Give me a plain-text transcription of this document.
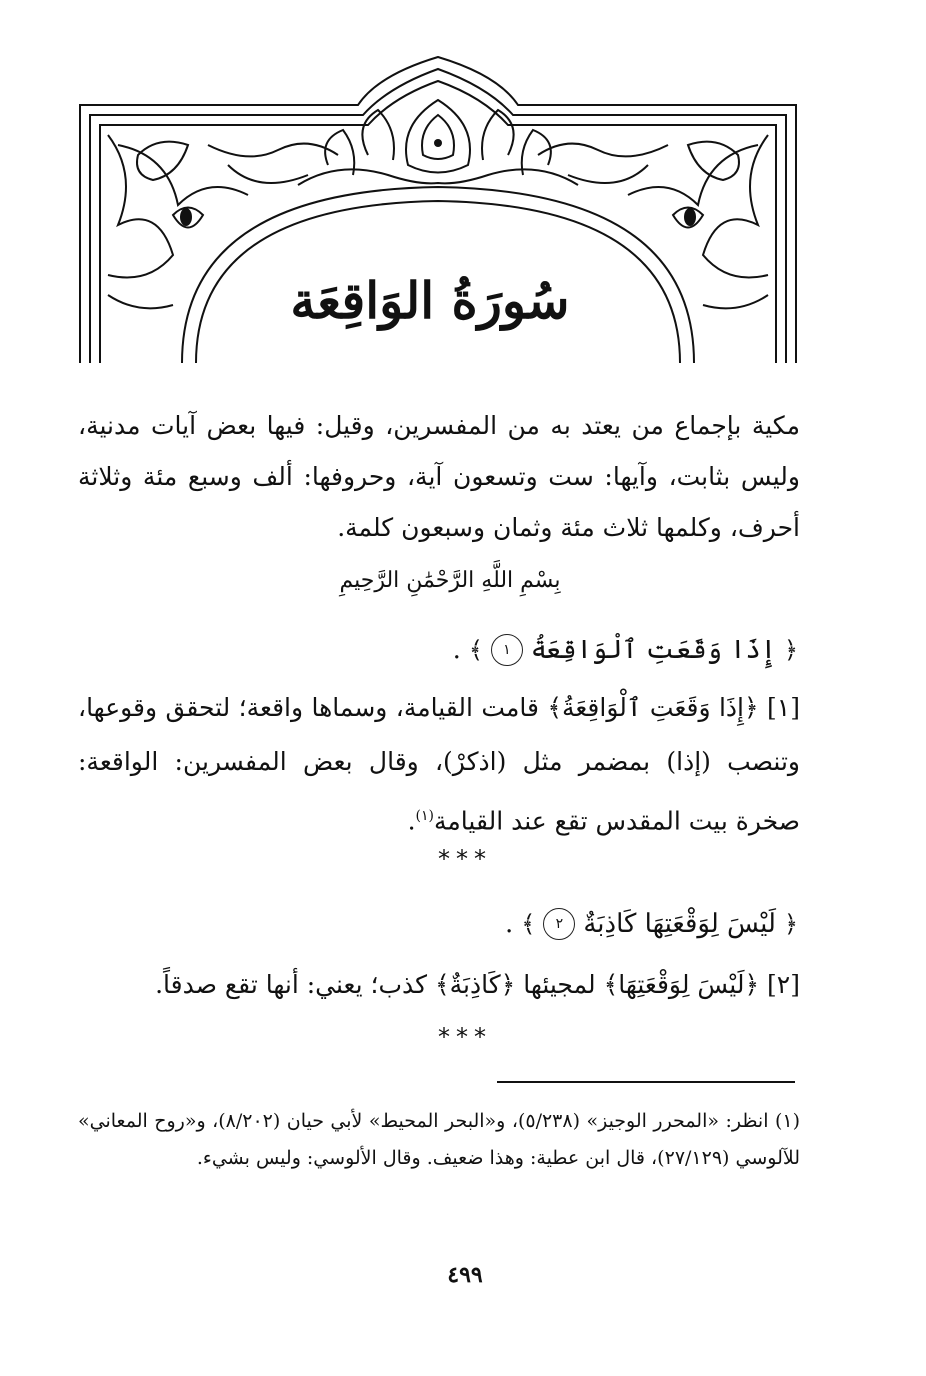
سُورَةُ الوَاقِعَة
مكية بإجماع من يعتد به من المفسرين، وقيل: فيها بعض آيات مدنية، وليس بثابت، وآيها: ست وتسعون آية، وحروفها: ألف وسبع مئة وثلاثة أحرف، وكلمها ثلاث مئة وثمان وسبعون كلمة.
بِسْمِ اللَّهِ الرَّحْمَٰنِ الرَّحِيمِ
﴿
إِذَا وَقَعَتِ ٱلْوَاقِعَةُ
١
﴾
.
[١] ﴿إِذَا وَقَعَتِ ٱلْوَاقِعَةُ﴾ قامت القيامة، وسماها واقعة؛ لتحقق وقوعها، وتنصب (إذا) بمضمر مثل (اذكرْ)، وقال بعض المفسرين: الواقعة: صخرة بيت المقدس تقع عند القيامة$^{(١)}$.
***
﴿
لَيْسَ لِوَقْعَتِهَا كَاذِبَةٌ
٢
﴾
.
[٢] ﴿لَيْسَ لِوَقْعَتِهَا﴾ لمجيئها ﴿كَاذِبَةٌ﴾ كذب؛ يعني: أنها تقع صدقاً.
***
(١) انظر: «المحرر الوجيز» (٥/٢٣٨)، و«البحر المحيط» لأبي حيان (٨/٢٠٢)، و«روح المعاني» للآلوسي (٢٧/١٢٩)، قال ابن عطية: وهذا ضعيف. وقال الألوسي: وليس بشيء.
٤٩٩
